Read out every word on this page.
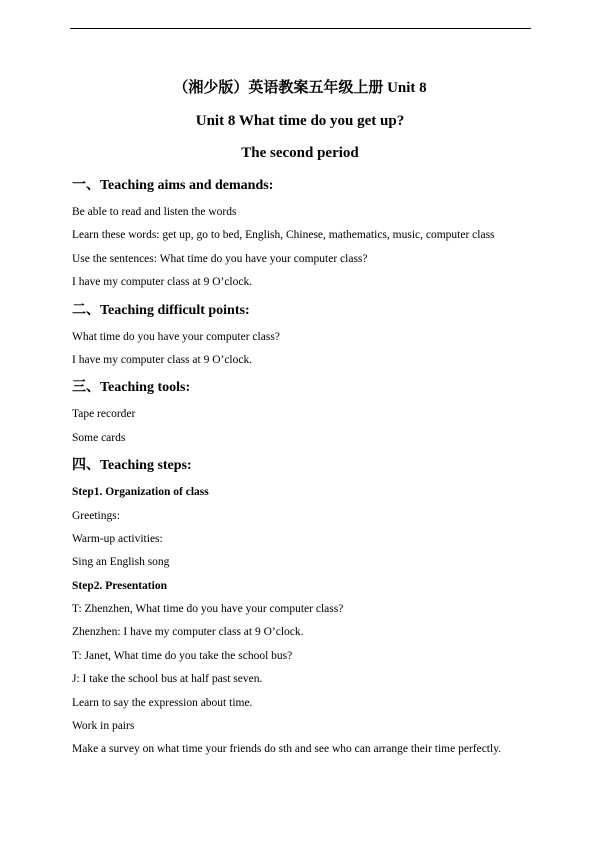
（湘少版）英语教案五年级上册 Unit 8
Unit 8 What time do you get up?
The second period
一、Teaching aims and demands:
Be able to read and listen the words
Learn these words: get up, go to bed, English, Chinese, mathematics, music, computer class
Use the sentences: What time do you have your computer class?
I have my computer class at 9 O’clock.
二、Teaching difficult points:
What time do you have your computer class?
I have my computer class at 9 O’clock.
三、Teaching tools:
Tape recorder
Some cards
四、Teaching steps:
Step1. Organization of class
Greetings:
Warm-up activities:
Sing an English song
Step2. Presentation
T: Zhenzhen, What time do you have your computer class?
Zhenzhen: I have my computer class at 9 O’clock.
T: Janet, What time do you take the school bus?
J: I take the school bus at half past seven.
Learn to say the expression about time.
Work in pairs
Make a survey on what time your friends do sth and see who can arrange their time perfectly.
